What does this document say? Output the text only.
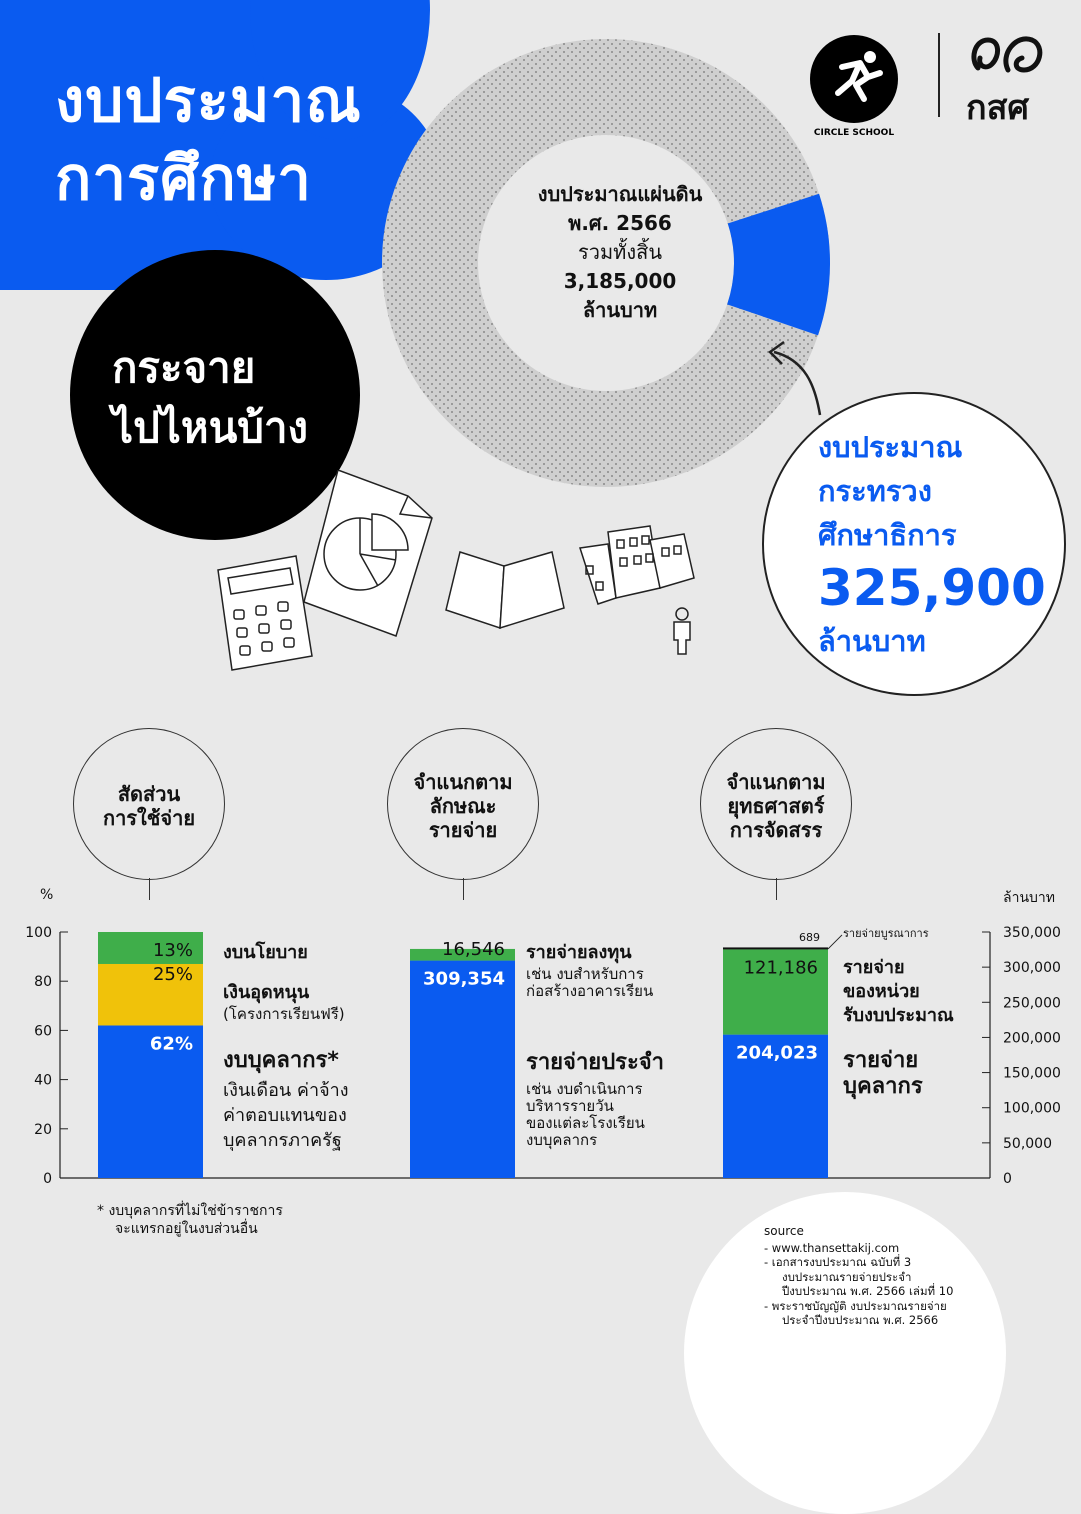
งบประมาณ
การศึกษา	งบประมาณแผ่นดิน
พ.ศ. 2566
รวมทั้งสิ้น
3,185,000
ล้านบาท
กระจาย
ไปไหนบ้าง
CIRCLE SCHOOL
กสศ
งบประมาณ
กระทรวง
ศึกษาธิการ
325,900
ล้านบาท
สัดส่วน
การใช้จ่าย
จำแนกตาม
ลักษณะ
รายจ่าย
จำแนกตาม
ยุทธศาสตร์
การจัดสรร
%	ล้านบาท
0
20
40
60
80
100
0
50,000
100,000
150,000
200,000
250,000
300,000
350,000
62%
25%
13%
309,354
16,546
204,023
121,186
689
งบนโยบาย
เงินอุดหนุน
(โครงการเรียนฟรี)
งบบุคลากร*
เงินเดือน ค่าจ้าง
ค่าตอบแทนของ
บุคลากรภาครัฐ
รายจ่ายลงทุน
เช่น งบสำหรับการ
ก่อสร้างอาคารเรียน
รายจ่ายประจำ
เช่น งบดำเนินการ
บริหารรายวัน
ของแต่ละโรงเรียน
งบบุคลากร
รายจ่ายบูรณาการ
รายจ่าย
ของหน่วย
รับงบประมาณ
รายจ่าย
บุคลากร
* งบบุคลากรที่ไม่ใช่ข้าราชการ
จะแทรกอยู่ในงบส่วนอื่น	source
- www.thansettakij.com
- เอกสารงบประมาณ ฉบับที่ 3
งบประมาณรายจ่ายประจำ
ปีงบประมาณ พ.ศ. 2566 เล่มที่ 10
- พระราชบัญญัติ งบประมาณรายจ่าย
ประจำปีงบประมาณ พ.ศ. 2566
